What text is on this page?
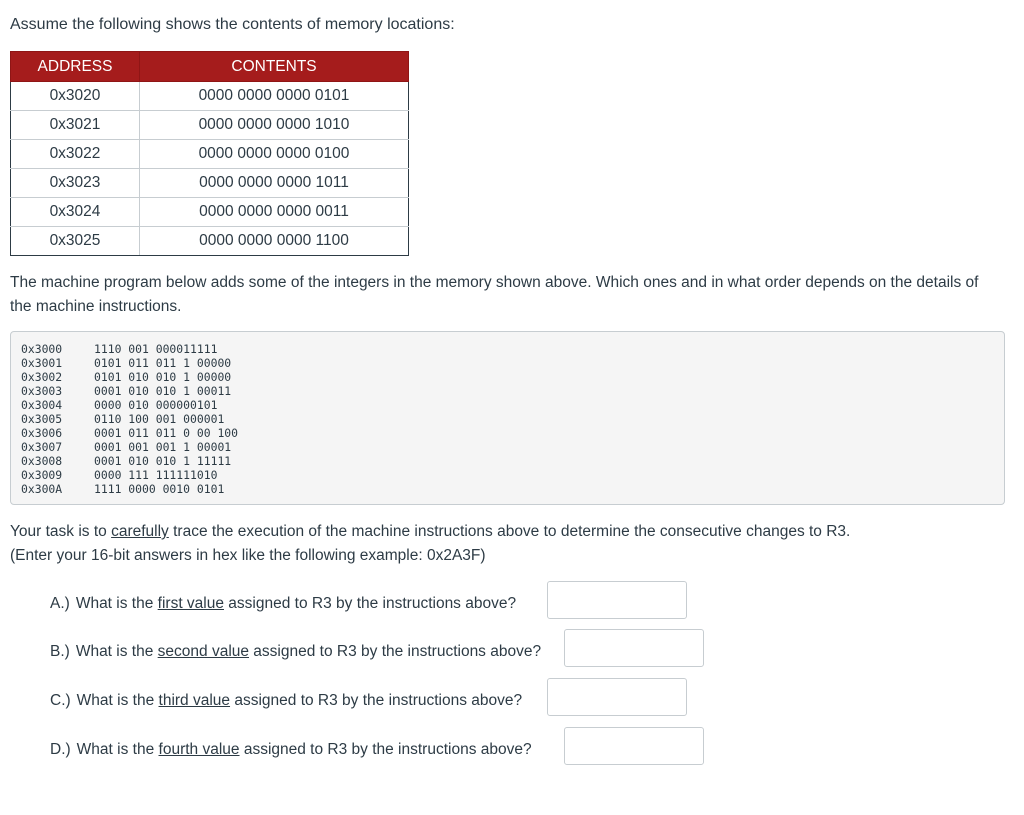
Assume the following shows the contents of memory locations:
ADDRESS	CONTENTS
0x3020	0000 0000 0000 0101
0x3021	0000 0000 0000 1010
0x3022	0000 0000 0000 0100
0x3023	0000 0000 0000 1011
0x3024	0000 0000 0000 0011
0x3025	0000 0000 0000 1100
The machine program below adds some of the integers in the memory shown above. Which ones and in what order depends on the details of the machine instructions.
0x3000	1110 001 000011111
0x3001	0101 011 011 1 00000
0x3002	0101 010 010 1 00000
0x3003	0001 010 010 1 00011
0x3004	0000 010 000000101
0x3005	0110 100 001 000001
0x3006	0001 011 011 0 00 100
0x3007	0001 001 001 1 00001
0x3008	0001 010 010 1 11111
0x3009	0000 111 111111010
0x300A	1111 0000 0010 0101
Your task is to carefully trace the execution of the machine instructions above to determine the consecutive changes to R3.
(Enter your 16-bit answers in hex like the following example: 0x2A3F)
A.) What is the first value assigned to R3 by the instructions above?
B.) What is the second value assigned to R3 by the instructions above?
C.) What is the third value assigned to R3 by the instructions above?
D.) What is the fourth value assigned to R3 by the instructions above?
